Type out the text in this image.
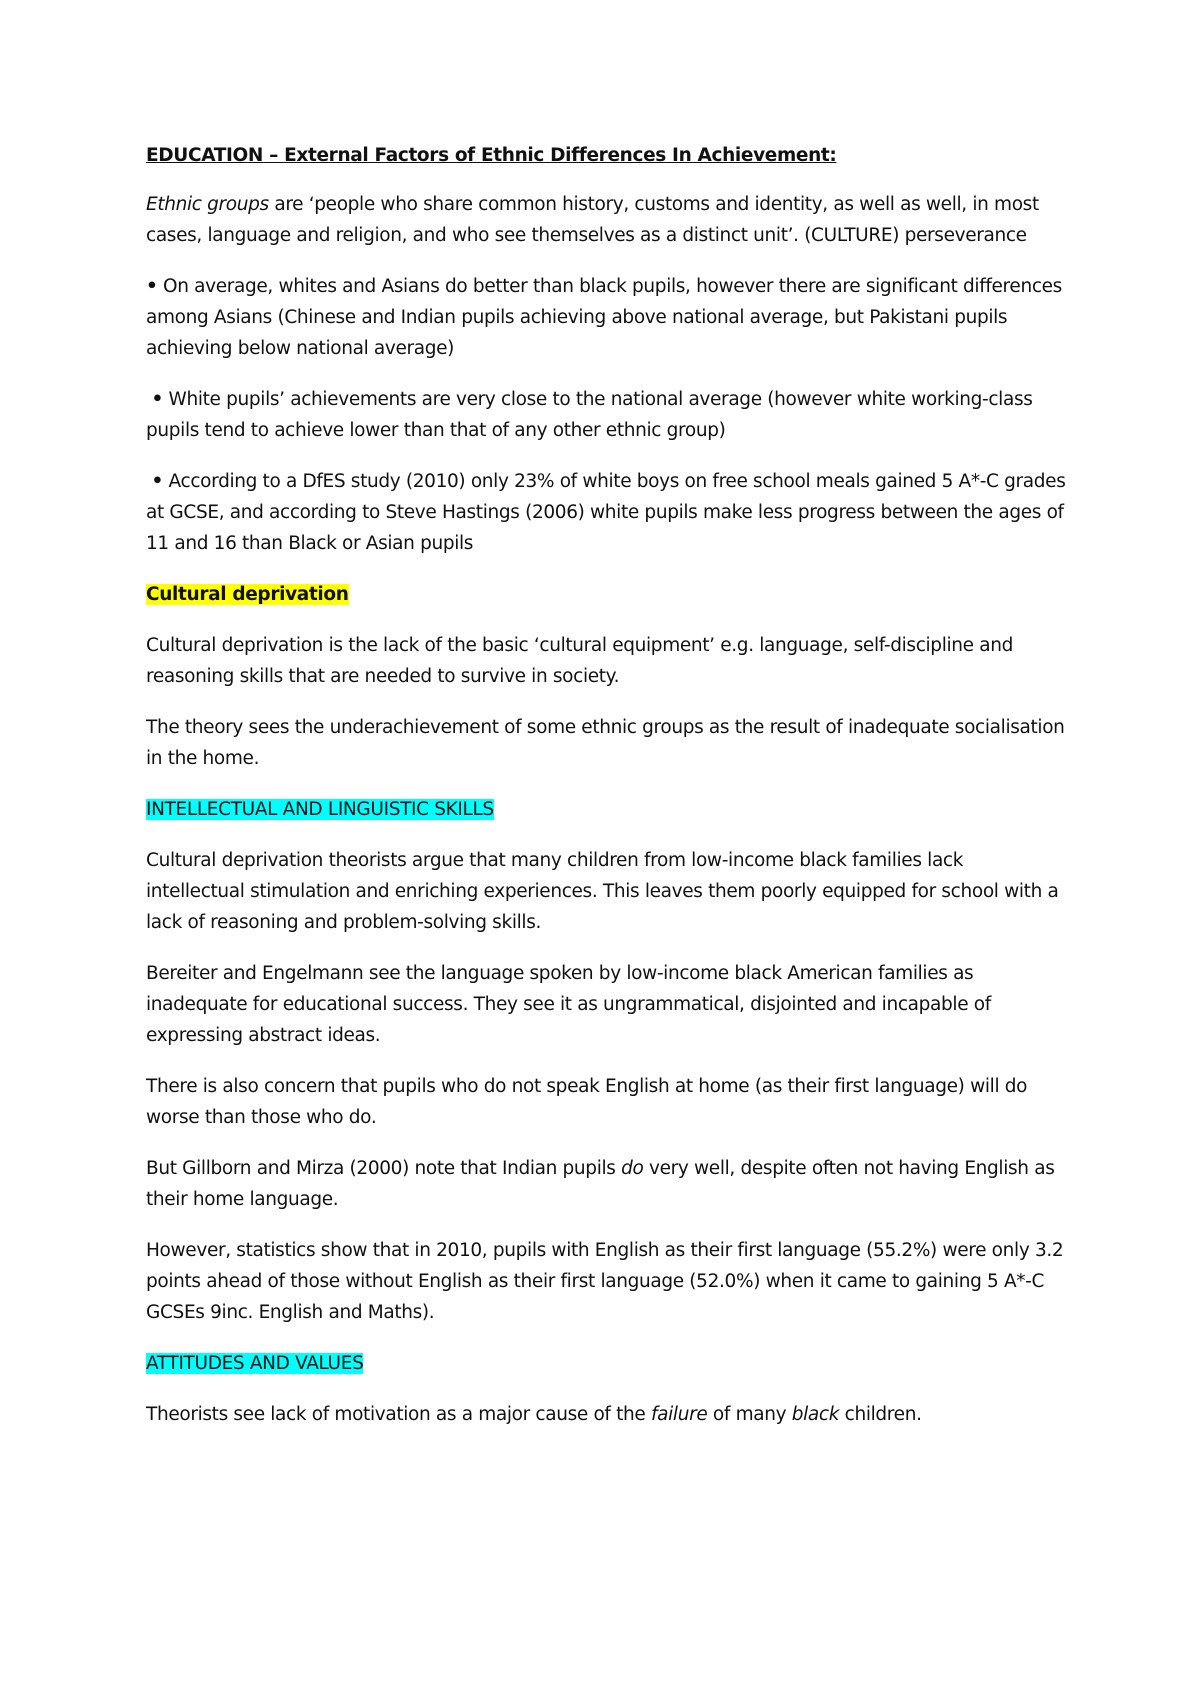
EDUCATION – External Factors of Ethnic Differences In Achievement:

Ethnic groups are ‘people who share common history, customs and identity, as well as well, in most cases, language and religion, and who see themselves as a distinct unit’. (CULTURE) perseverance

• On average, whites and Asians do better than black pupils, however there are significant differences among Asians (Chinese and Indian pupils achieving above national average, but Pakistani pupils achieving below national average)

• White pupils’ achievements are very close to the national average (however white working-class pupils tend to achieve lower than that of any other ethnic group)

• According to a DfES study (2010) only 23% of white boys on free school meals gained 5 A*-C grades at GCSE, and according to Steve Hastings (2006) white pupils make less progress between the ages of 11 and 16 than Black or Asian pupils

Cultural deprivation

Cultural deprivation is the lack of the basic ‘cultural equipment’ e.g. language, self-discipline and reasoning skills that are needed to survive in society.

The theory sees the underachievement of some ethnic groups as the result of inadequate socialisation in the home.

INTELLECTUAL AND LINGUISTIC SKILLS

Cultural deprivation theorists argue that many children from low-income black families lack intellectual stimulation and enriching experiences. This leaves them poorly equipped for school with a lack of reasoning and problem-solving skills.

Bereiter and Engelmann see the language spoken by low-income black American families as inadequate for educational success. They see it as ungrammatical, disjointed and incapable of expressing abstract ideas.

There is also concern that pupils who do not speak English at home (as their first language) will do worse than those who do.

But Gillborn and Mirza (2000) note that Indian pupils do very well, despite often not having English as their home language.

However, statistics show that in 2010, pupils with English as their first language (55.2%) were only 3.2 points ahead of those without English as their first language (52.0%) when it came to gaining 5 A*-C GCSEs 9inc. English and Maths).

ATTITUDES AND VALUES

Theorists see lack of motivation as a major cause of the failure of many black children.
